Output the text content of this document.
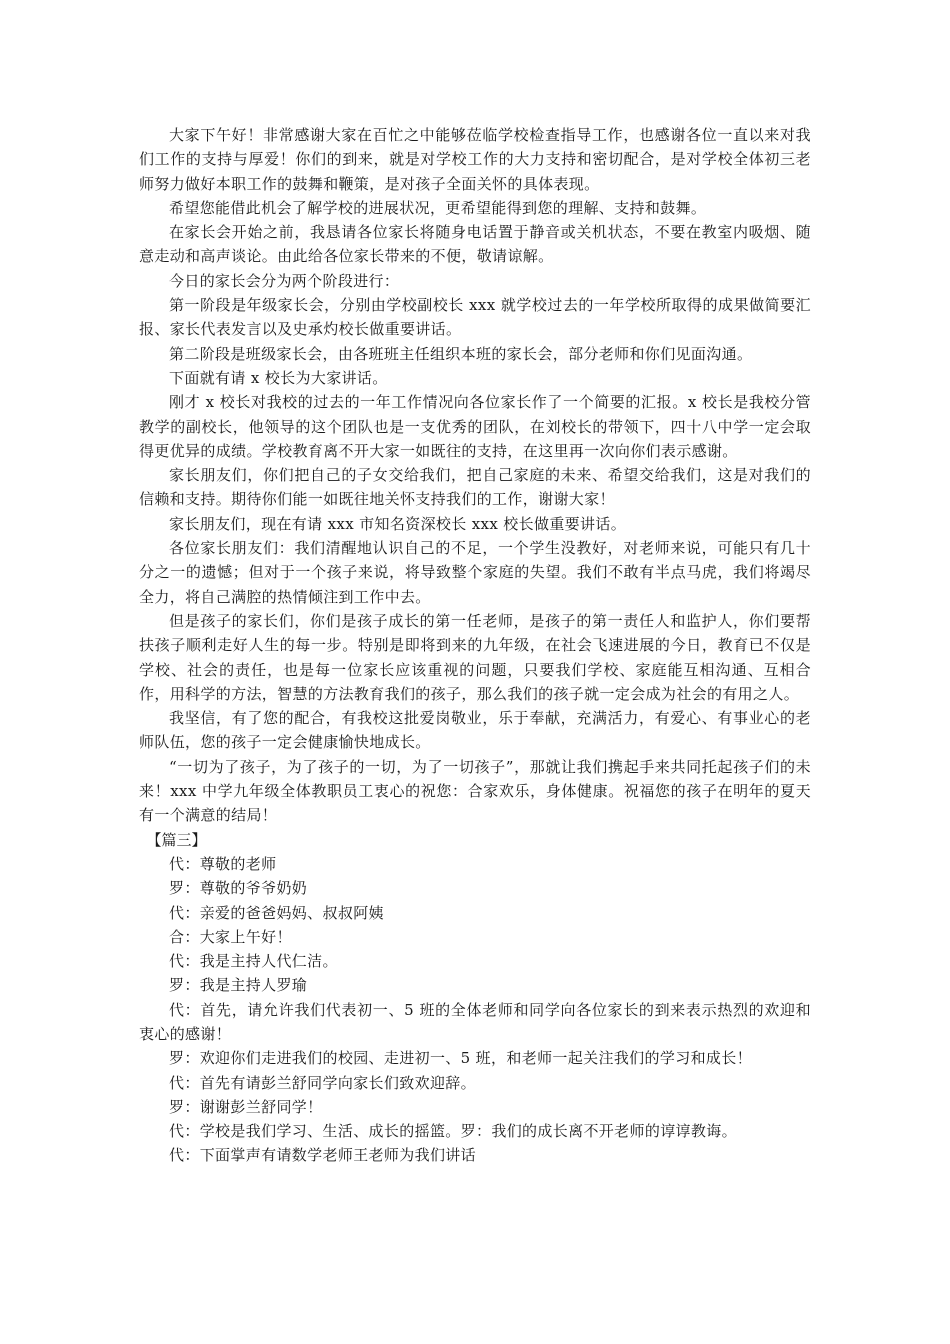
大家下午好！非常感谢大家在百忙之中能够莅临学校检查指导工作，也感谢各位一直以来对我们工作的支持与厚爱！你们的到来，就是对学校工作的大力支持和密切配合，是对学校全体初三老师努力做好本职工作的鼓舞和鞭策，是对孩子全面关怀的具体表现。

希望您能借此机会了解学校的进展状况，更希望能得到您的理解、支持和鼓舞。

在家长会开始之前，我恳请各位家长将随身电话置于静音或关机状态，不要在教室内吸烟、随意走动和高声谈论。由此给各位家长带来的不便，敬请谅解。

今日的家长会分为两个阶段进行：

第一阶段是年级家长会，分别由学校副校长 xxx 就学校过去的一年学校所取得的成果做简要汇报、家长代表发言以及史承灼校长做重要讲话。

第二阶段是班级家长会，由各班班主任组织本班的家长会，部分老师和你们见面沟通。

下面就有请 x 校长为大家讲话。

刚才 x 校长对我校的过去的一年工作情况向各位家长作了一个简要的汇报。x 校长是我校分管教学的副校长，他领导的这个团队也是一支优秀的团队，在刘校长的带领下，四十八中学一定会取得更优异的成绩。学校教育离不开大家一如既往的支持，在这里再一次向你们表示感谢。

家长朋友们，你们把自己的子女交给我们，把自己家庭的未来、希望交给我们，这是对我们的信赖和支持。期待你们能一如既往地关怀支持我们的工作，谢谢大家！

家长朋友们，现在有请 xxx 市知名资深校长 xxx 校长做重要讲话。

各位家长朋友们：我们清醒地认识自己的不足，一个学生没教好，对老师来说，可能只有几十分之一的遗憾；但对于一个孩子来说，将导致整个家庭的失望。我们不敢有半点马虎，我们将竭尽全力，将自己满腔的热情倾注到工作中去。

但是孩子的家长们，你们是孩子成长的第一任老师，是孩子的第一责任人和监护人，你们要帮扶孩子顺利走好人生的每一步。特别是即将到来的九年级，在社会飞速进展的今日，教育已不仅是学校、社会的责任，也是每一位家长应该重视的问题，只要我们学校、家庭能互相沟通、互相合作，用科学的方法，智慧的方法教育我们的孩子，那么我们的孩子就一定会成为社会的有用之人。

我坚信，有了您的配合，有我校这批爱岗敬业，乐于奉献，充满活力，有爱心、有事业心的老师队伍，您的孩子一定会健康愉快地成长。

“一切为了孩子，为了孩子的一切，为了一切孩子”，那就让我们携起手来共同托起孩子们的未来！xxx 中学九年级全体教职员工衷心的祝您：合家欢乐，身体健康。祝福您的孩子在明年的夏天有一个满意的结局！

【篇三】

代：尊敬的老师

罗：尊敬的爷爷奶奶

代：亲爱的爸爸妈妈、叔叔阿姨

合：大家上午好！

代：我是主持人代仁洁。

罗：我是主持人罗瑜

代：首先，请允许我们代表初一、5 班的全体老师和同学向各位家长的到来表示热烈的欢迎和衷心的感谢！

罗：欢迎你们走进我们的校园、走进初一、5 班，和老师一起关注我们的学习和成长！

代：首先有请彭兰舒同学向家长们致欢迎辞。

罗：谢谢彭兰舒同学！

代：学校是我们学习、生活、成长的摇篮。罗：我们的成长离不开老师的谆谆教诲。

代：下面掌声有请数学老师王老师为我们讲话
